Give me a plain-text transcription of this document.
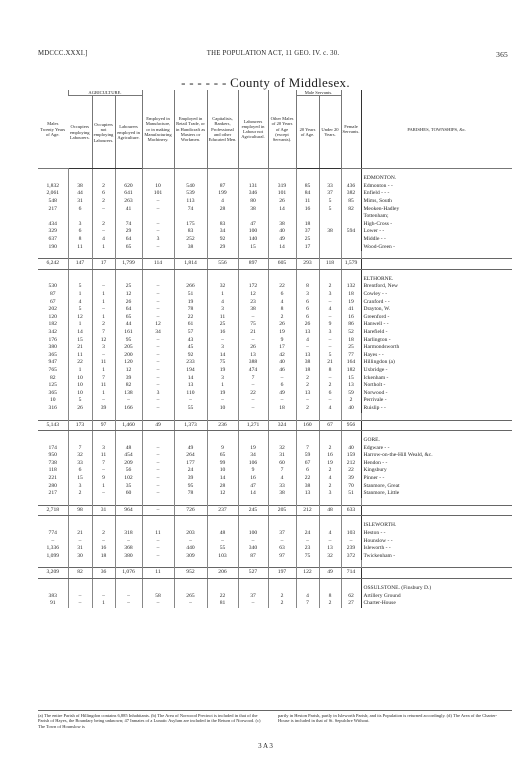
MDCCC.XXXI.]	THE POPULATION ACT, 11 GEO. IV. c. 30.	365
- - - - - - County of Middlesex.
Males
Twenty Years of Age.	AGRICULTURE.			Employed in Manufacture, or in making Manufacturing Machinery.	Employed in Retail Trade, or in Handicraft as Masters or Workmen.	Capitalists, Bankers, Professional and other Educated Men.	Labourers employed in Labour not Agricultural.	Other Males of 20 Years of Age (except Servants).	Male Servants.		Female Servants.	PARISHES, TOWNSHIPS, &c.
	Occupiers employing Labourers.	Occupiers not employing Labourers.	Labourers employed in Agriculture.						20 Years of Age.	Under 20 Years.		
												EDMONTON.
1,832	38	2	620	10	540	87	131	319	85	33	436	Edmonton - -
2,061	44	6	641	101	539	199	346	101	84	37	382	Enfield - - -
548	31	2	263	–	113	4	80	26	11	5	85	Mims, South
217	6	–	41	–	74	28	38	14	16	5	82	Meoken-Hadley
												Tottenham;
434	3	2	74	–	175	83	47	38	18			High-Cross -
329	6	–	29	–	83	34	100	40	37	38	594	Lower - -
637	8	4	64	3	252	92	140	49	25			Middle - -
190	11	1	65	–	38	29	15	14	17			Wood-Green -

6,242	147	17	1,799	114	1,814	556	897	605	293	118	1,579	
												ELTHORNE.
530	5	–	25	–	266	32	172	22	8	2	132	Brentford, New
87	1	1	12	–	51	1	12	6	3	3	18	Cowley - -
67	4	1	26	–	19	4	23	4	6	–	19	Cranford - -
202	5	–	64	–	78	3	38	8	6	4	41	Drayton, W.
120	12	1	65	–	22	11	–	2	6	–	16	Greenford -
182	1	2	44	12	61	25	75	26	26	9	86	Hanwell - -
342	14	7	161	34	57	16	21	19	13	3	52	Harefield -
176	15	12	95	–	43	–	–	9	4	–	18	Harlington -
380	21	3	205	–	45	3	26	17	–	–	25	Harmondsworth
365	11	–	200	–	92	14	13	42	13	5	77	Hayes - -
947	22	11	120	–	233	75	388	40	38	21	164	Hillingdon (a)
765	1	1	12	–	194	19	474	46	18	8	182	Uxbridge -
82	10	7	39	–	14	3	7	–	2	–	15	Ickenham -
125	10	11	82	–	13	1	–	6	2	2	13	Northolt -
365	10	1	138	3	110	19	22	49	13	6	59	Norwood -
10	5	–	–	–	–	–	–	–	–	–	2	Perrivale -
316	26	39	166	–	55	10	–	18	2	4	40	Ruislip - -

5,143	173	97	1,460	49	1,373	236	1,271	324	160	67	956	
												GORE.
174	7	3	48	–	49	9	19	32	7	2	40	Edgware - -
950	32	11	454	–	264	65	34	31	59	16	159	Harrow-on-the-Hill Weald, &c.
738	33	7	209	–	177	99	106	60	67	19	212	Hendon - -
118	6	–	56	–	24	10	9	7	6	2	22	Kingsbury
221	15	9	102	–	39	14	16	4	22	4	39	Pinner - -
280	3	1	35	–	95	28	47	33	38	2	70	Stanmore, Great
217	2	–	60	–	78	12	14	38	13	3	51	Stanmore, Little

2,718	98	31	964	–	726	237	245	205	212	48	633	
												ISLEWORTH.
774	21	2	318	11	203	48	100	37	24	4	103	Heston - -
–	–	–	–	–	–	–	–	–	–	–	–	Hounslow - -
1,336	31	16	368	–	440	55	340	63	23	13	239	Isleworth - -
1,099	30	18	380	–	309	103	87	97	75	32	372	Twickenham -

3,209	82	36	1,076	11	952	206	527	197	122	49	714	
												OSSULSTONE. (Finsbury D.)
383	–	–	–	58	265	22	37	2	4	8	62	Artillery Ground
91	–	1	–	–	–	81	–	2	7	2	27	Charter-House
(a) The entire Parish of Hillingdon contains 6,885 Inhabitants. (b) The Area of Norwood Precinct is included in that of the Parish of Hayes, the Boundary being unknown; 47 Inmates of a Lunatic Asylum are included in the Return of Norwood. (c) The Town of Hounslow is
partly in Heston Parish, partly in Isleworth Parish; and its Population is returned accordingly. (d) The Area of the Charter-House is included in that of St. Sepulchre Without.
3 A 3
